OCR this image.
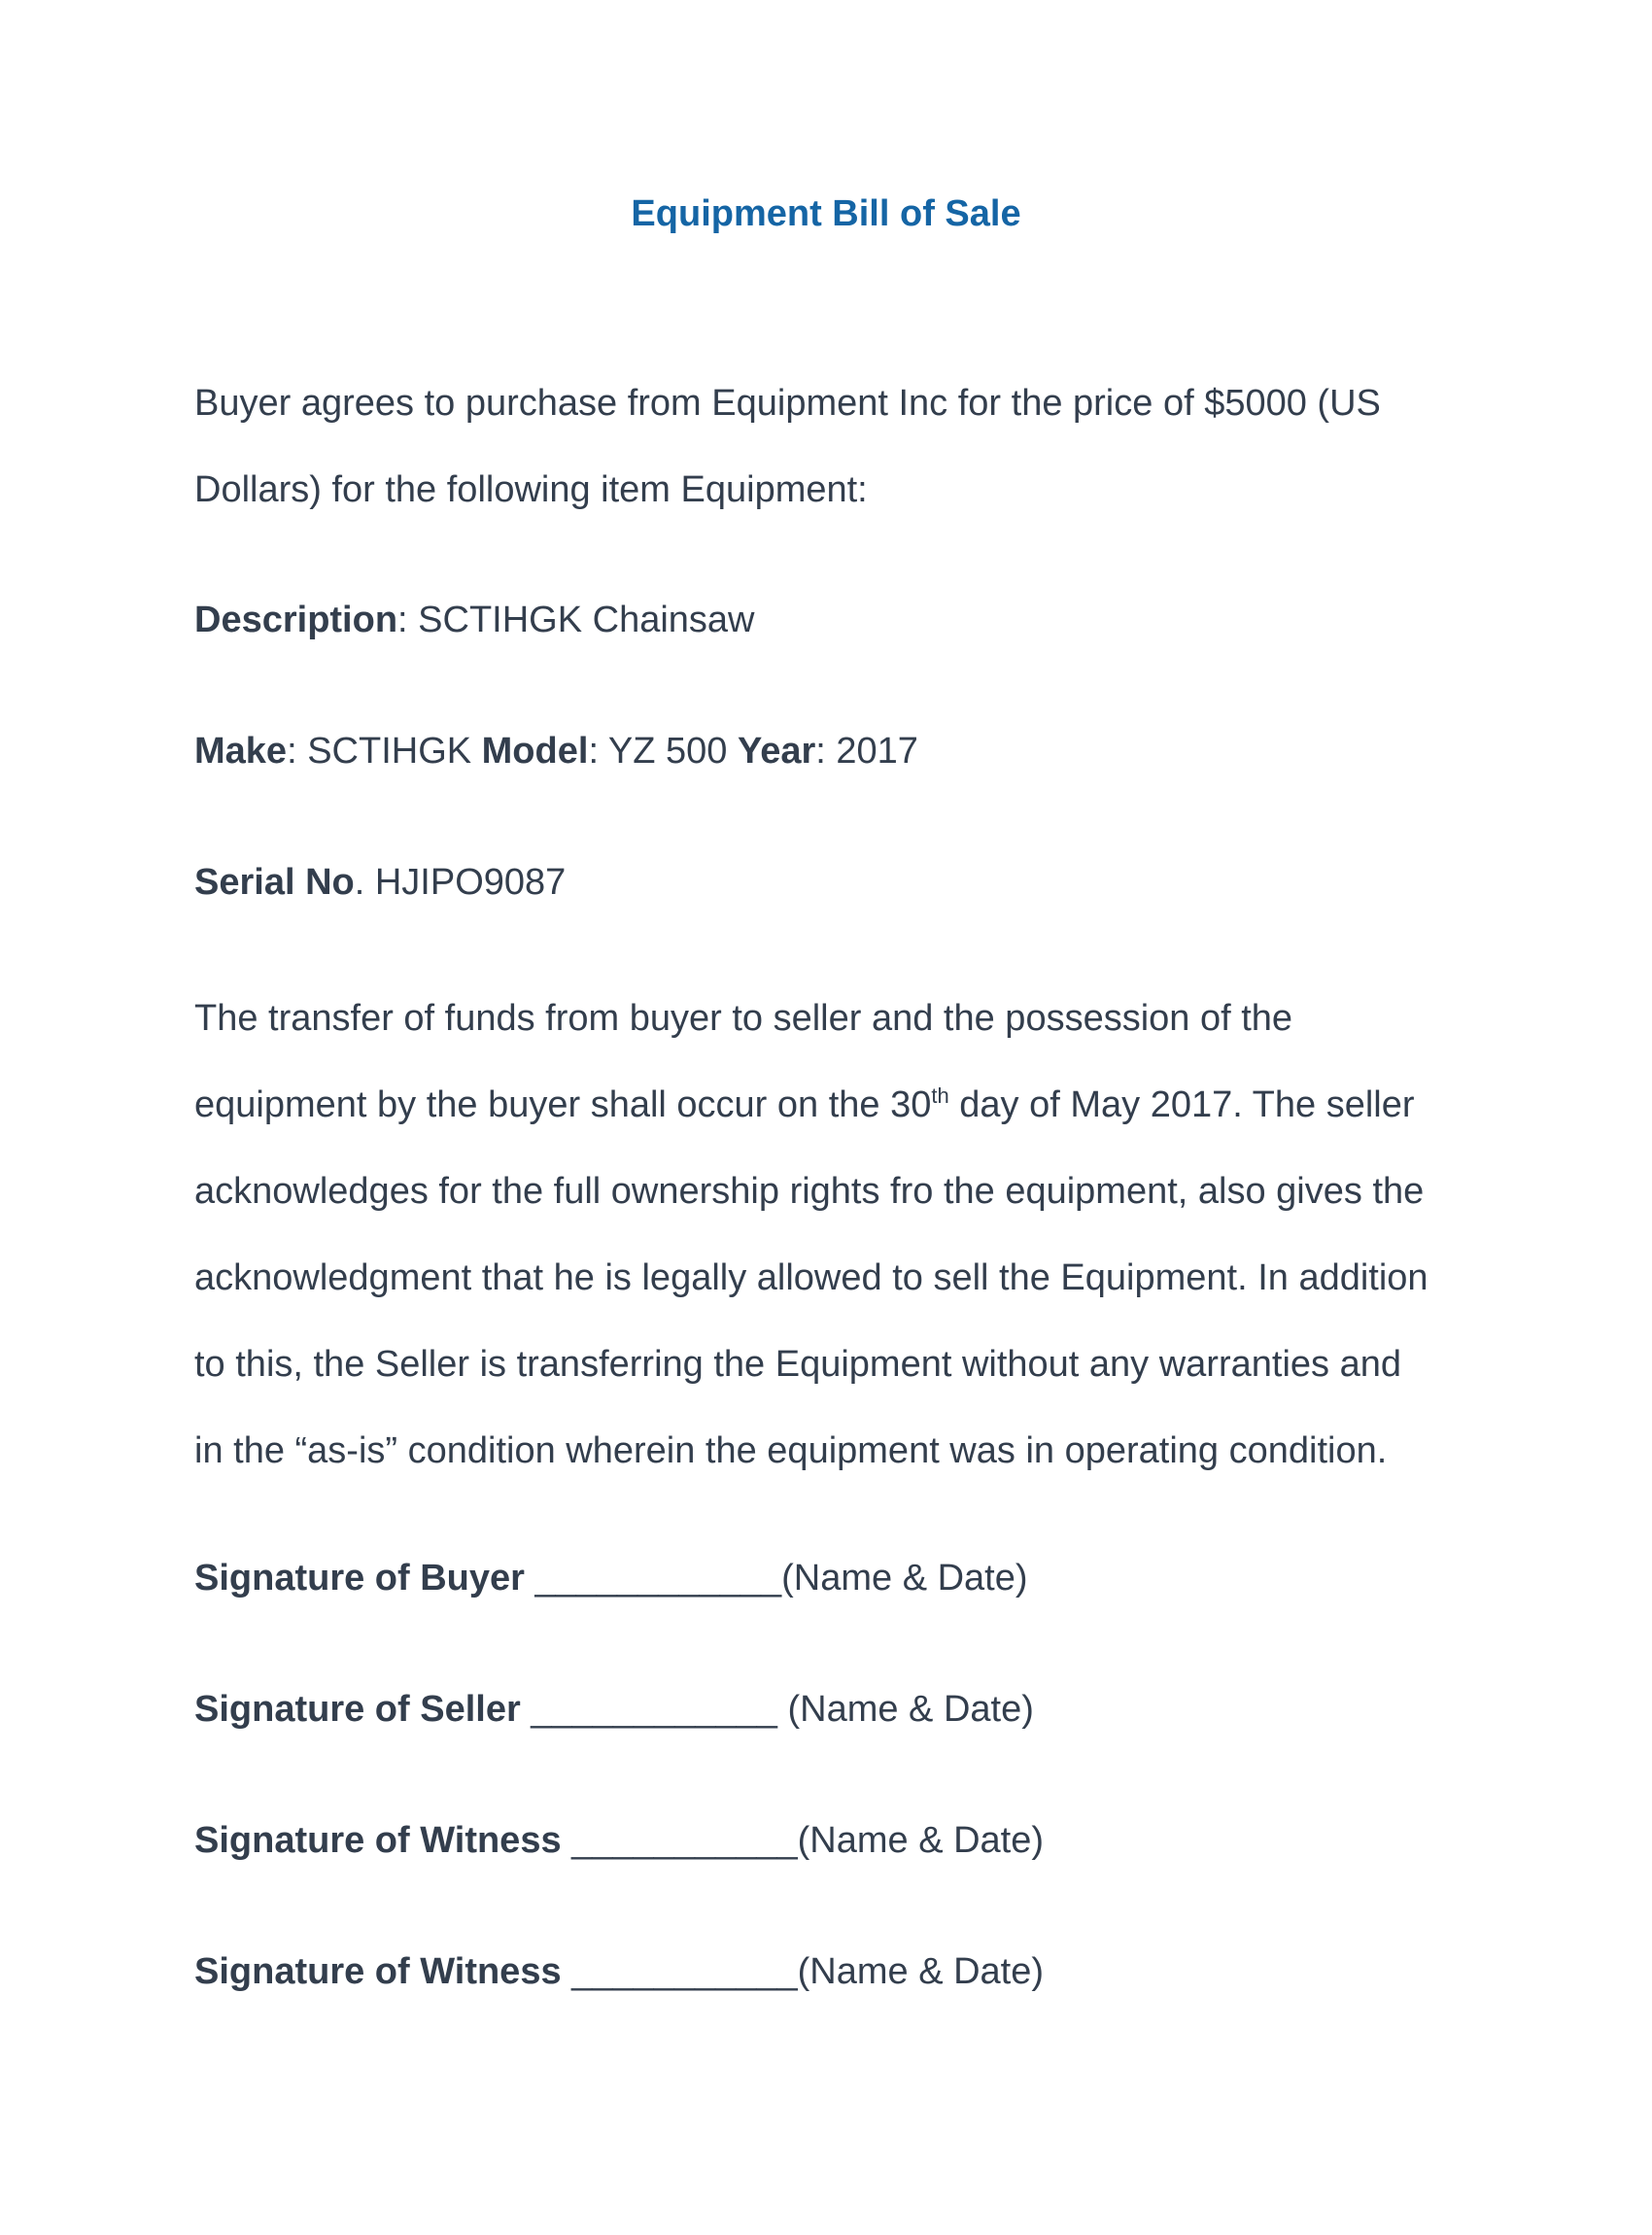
Equipment Bill of Sale

Buyer agrees to purchase from Equipment Inc for the price of $5000 (US
Dollars) for the following item Equipment:

Description: SCTIHGK Chainsaw

Make: SCTIHGK Model: YZ 500 Year: 2017

Serial No. HJIPO9087

The transfer of funds from buyer to seller and the possession of the
equipment by the buyer shall occur on the 30th day of May 2017. The seller
acknowledges for the full ownership rights fro the equipment, also gives the
acknowledgment that he is legally allowed to sell the Equipment. In addition
to this, the Seller is transferring the Equipment without any warranties and
in the “as-is” condition wherein the equipment was in operating condition.

Signature of Buyer ____________(Name & Date)

Signature of Seller ____________ (Name & Date)

Signature of Witness ___________(Name & Date)

Signature of Witness ___________(Name & Date)
